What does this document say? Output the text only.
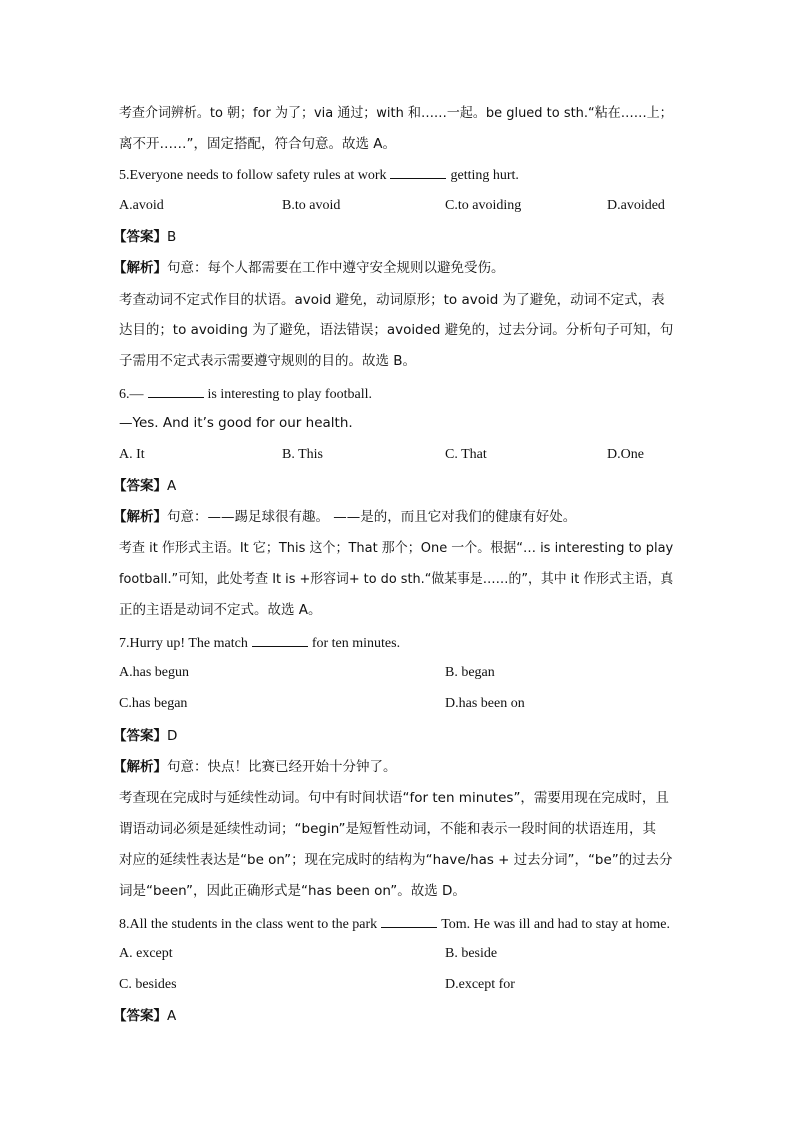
考查介词辨析。to 朝；for 为了；via 通过；with 和……一起。be glued to sth.“粘在……上；
离不开……”，固定搭配，符合句意。故选 A。
5.Everyone needs to follow safety rules at work	getting hurt.
A.avoid	B.to avoid	C.to avoiding	D.avoided
【答案】B
【解析】句意：每个人都需要在工作中遵守安全规则以避免受伤。
考查动词不定式作目的状语。avoid 避免，动词原形；to avoid 为了避免，动词不定式，表
达目的；to avoiding 为了避免，语法错误；avoided 避免的，过去分词。分析句子可知，句
子需用不定式表示需要遵守规则的目的。故选 B。
6.—	is interesting to play football.
—Yes. And it’s good for our health.
A. It	B. This	C. That	D.One
【答案】A
【解析】句意：——踢足球很有趣。 ——是的，而且它对我们的健康有好处。
考查 it 作形式主语。It 它；This 这个；That 那个；One 一个。根据“… is interesting to play
football.”可知，此处考查 It is +形容词+ to do sth.“做某事是……的”，其中 it 作形式主语，真
正的主语是动词不定式。故选 A。
7.Hurry up! The match	for ten minutes.
A.has begun	B. began
C.has began	D.has been on
【答案】D
【解析】句意：快点！比赛已经开始十分钟了。
考查现在完成时与延续性动词。句中有时间状语“for ten minutes”，需要用现在完成时，且
谓语动词必须是延续性动词；“begin”是短暂性动词，不能和表示一段时间的状语连用，其
对应的延续性表达是“be on”；现在完成时的结构为“have/has + 过去分词”，“be”的过去分
词是“been”，因此正确形式是“has been on”。故选 D。
8.All the students in the class went to the park	Tom. He was ill and had to stay at home.
A. except	B. beside
C. besides	D.except for
【答案】A
